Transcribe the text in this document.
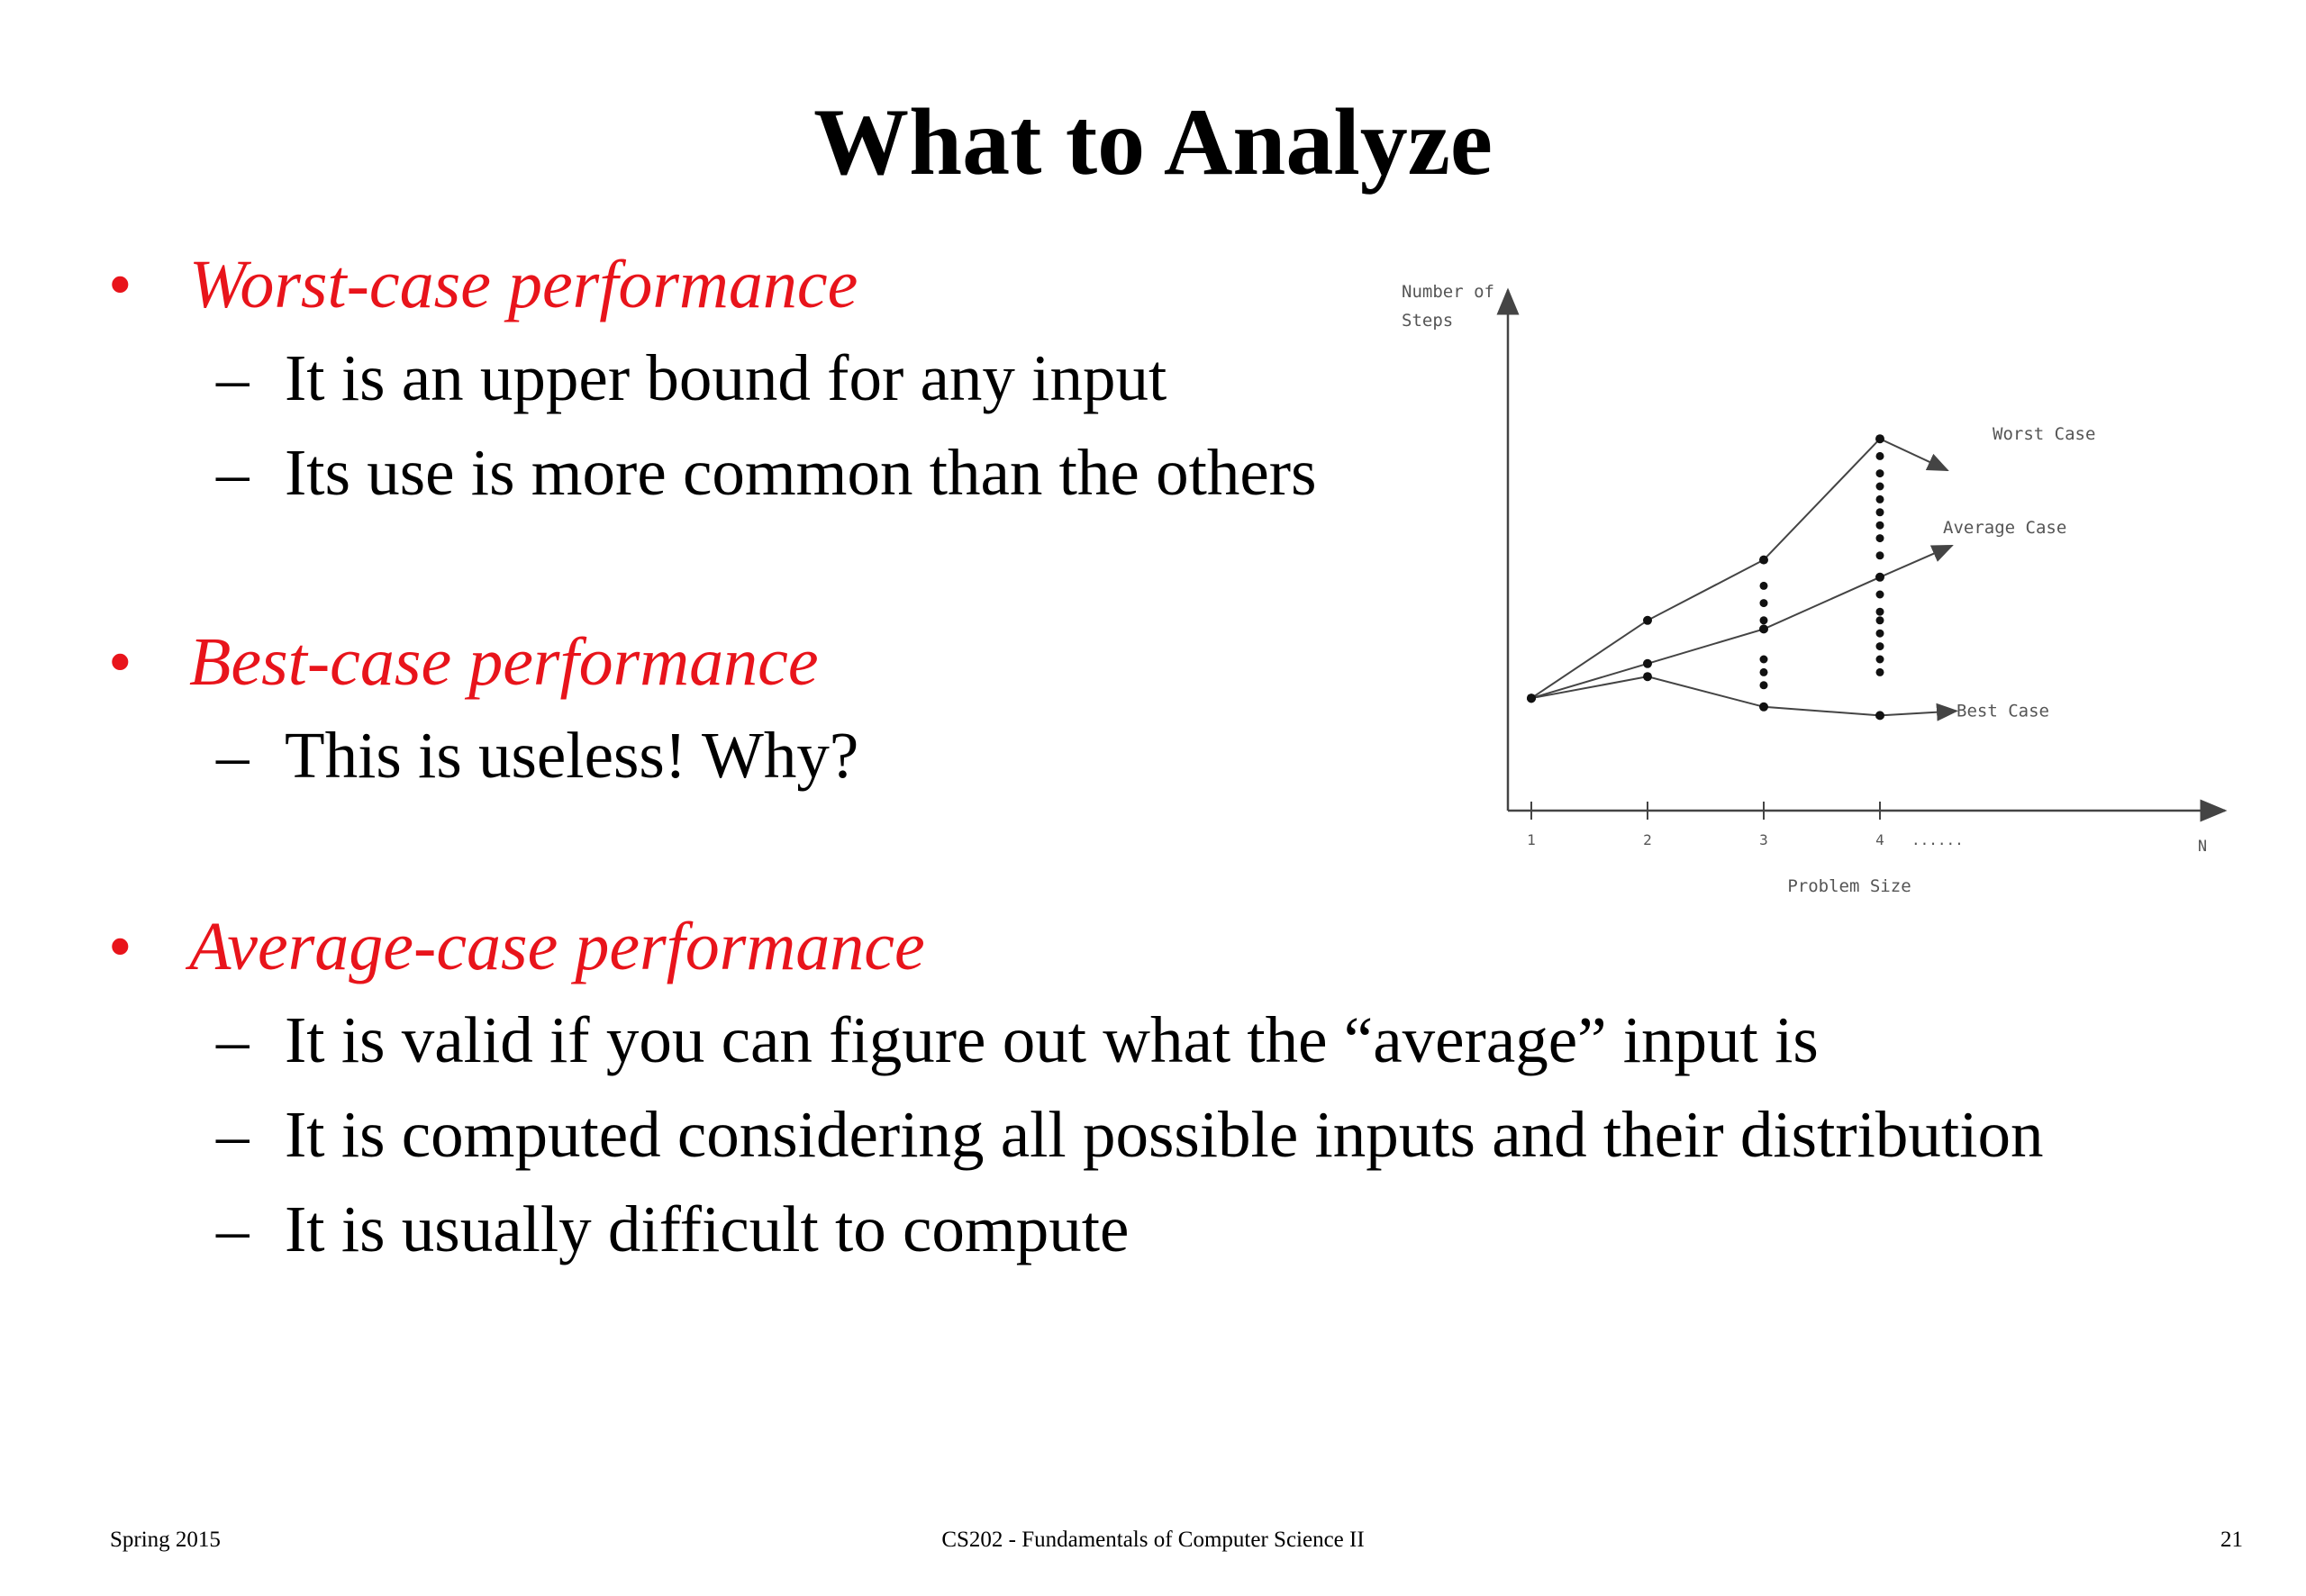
What to Analyze
• Worst-case performance
– It is an upper bound for any input
– Its use is more common than the others
• Best-case performance
– This is useless! Why?
• Average-case performance
– It is valid if you can figure out what the “average” input is
– It is computed considering all possible inputs and their distribution
– It is usually difficult to compute
Number of
Steps
1	2	3	4 ......	N
Problem Size
Worst Case
Average Case
Best Case
Spring 2015	CS202 - Fundamentals of Computer Science II	21
